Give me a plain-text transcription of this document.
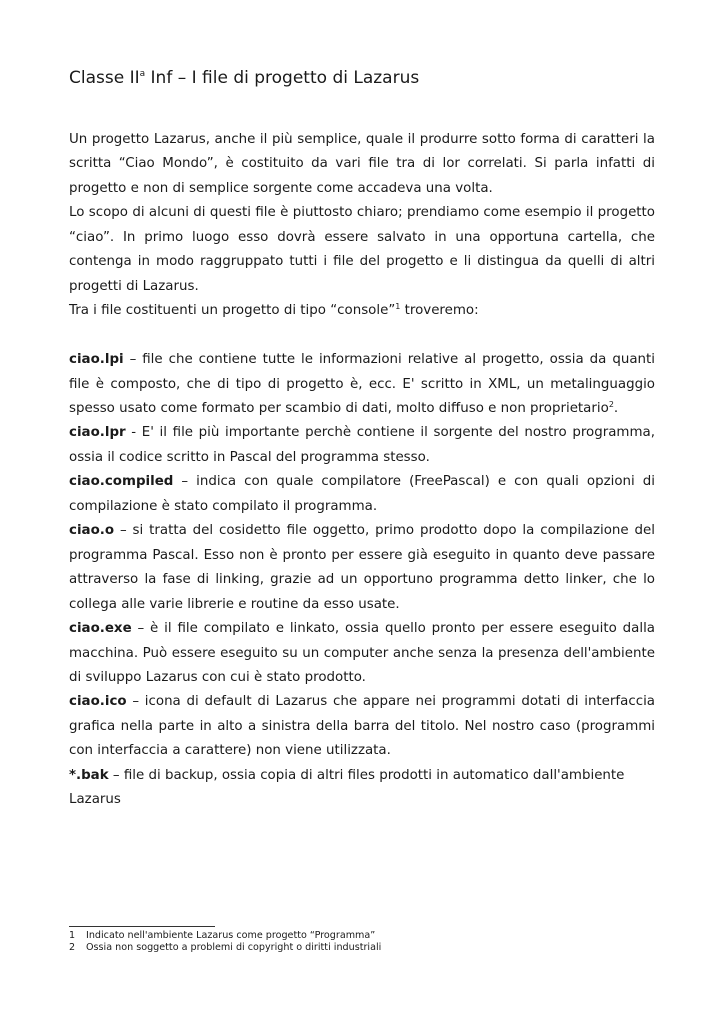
Classe $II^a$ Inf – I file di progetto di Lazarus

Un progetto Lazarus, anche il più semplice, quale il produrre sotto forma di caratteri la scritta “Ciao Mondo”, è costituito da vari file tra di lor correlati. Si parla infatti di progetto e non di semplice sorgente come accadeva una volta.

Lo scopo di alcuni di questi file è piuttosto chiaro; prendiamo come esempio il progetto “ciao”. In primo luogo esso dovrà essere salvato in una opportuna cartella, che contenga in modo raggruppato tutti i file del progetto e li distingua da quelli di altri progetti di Lazarus.

Tra i file costituenti un progetto di tipo “console”$^1$ troveremo:

ciao.lpi – file che contiene tutte le informazioni relative al progetto, ossia da quanti file è composto, che di tipo di progetto è, ecc. E' scritto in XML, un metalinguaggio spesso usato come formato per scambio di dati, molto diffuso e non proprietario$^2$.

ciao.lpr - E' il file più importante perchè contiene il sorgente del nostro programma, ossia il codice scritto in Pascal del programma stesso.

ciao.compiled – indica con quale compilatore (FreePascal) e con quali opzioni di compilazione è stato compilato il programma.

ciao.o – si tratta del cosidetto file oggetto, primo prodotto dopo la compilazione del programma Pascal. Esso non è pronto per essere già eseguito in quanto deve passare attraverso la fase di linking, grazie ad un opportuno programma detto linker, che lo collega alle varie librerie e routine da esso usate.

ciao.exe – è il file compilato e linkato, ossia quello pronto per essere eseguito dalla macchina. Può essere eseguito su un computer anche senza la presenza dell'ambiente di sviluppo Lazarus con cui è stato prodotto.

ciao.ico – icona di default di Lazarus che appare nei programmi dotati di interfaccia grafica nella parte in alto a sinistra della barra del titolo. Nel nostro caso (programmi con interfaccia a carattere) non viene utilizzata.

*.bak – file di backup, ossia copia di altri files prodotti in automatico dall'ambiente Lazarus

1 Indicato nell'ambiente Lazarus come progetto “Programma”
2 Ossia non soggetto a problemi di copyright o diritti industriali
